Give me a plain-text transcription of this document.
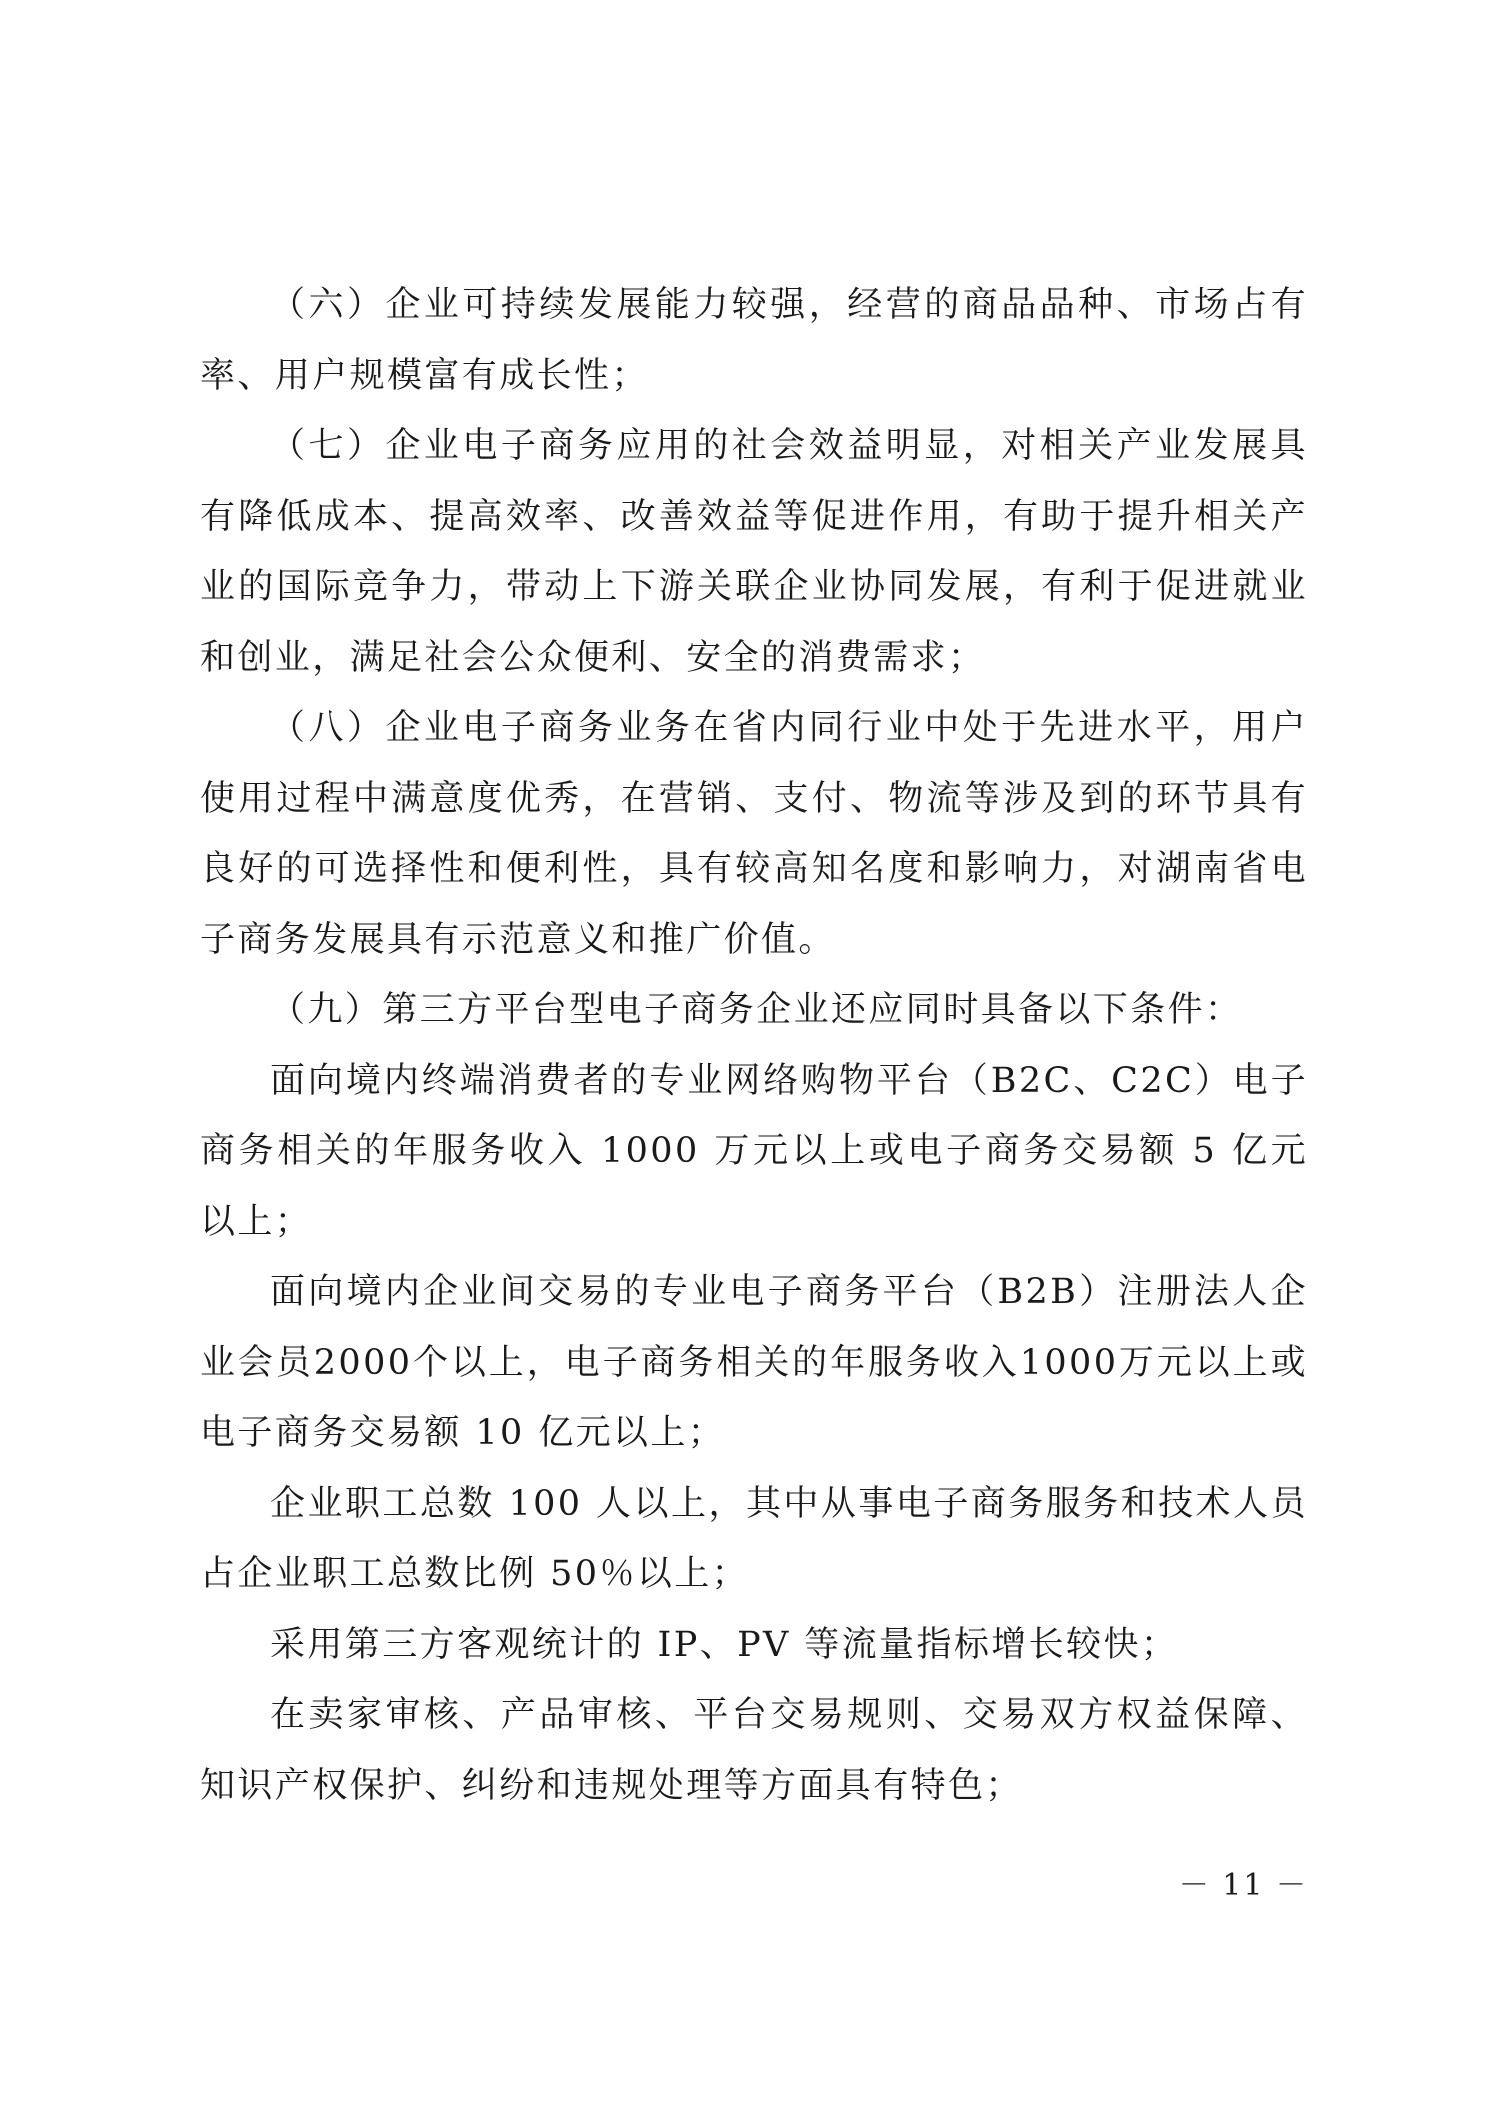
（六）企业可持续发展能力较强，经营的商品品种、市场占有率、用户规模富有成长性；

（七）企业电子商务应用的社会效益明显，对相关产业发展具有降低成本、提高效率、改善效益等促进作用，有助于提升相关产业的国际竞争力，带动上下游关联企业协同发展，有利于促进就业和创业，满足社会公众便利、安全的消费需求；

（八）企业电子商务业务在省内同行业中处于先进水平，用户使用过程中满意度优秀，在营销、支付、物流等涉及到的环节具有良好的可选择性和便利性，具有较高知名度和影响力，对湖南省电子商务发展具有示范意义和推广价值。

（九）第三方平台型电子商务企业还应同时具备以下条件：

面向境内终端消费者的专业网络购物平台（B2C、C2C）电子商务相关的年服务收入 1000 万元以上或电子商务交易额 5 亿元以上；

面向境内企业间交易的专业电子商务平台（B2B）注册法人企业会员2000个以上，电子商务相关的年服务收入1000万元以上或电子商务交易额 10 亿元以上；

企业职工总数 100 人以上，其中从事电子商务服务和技术人员占企业职工总数比例 50％以上；

采用第三方客观统计的 IP、PV 等流量指标增长较快；

在卖家审核、产品审核、平台交易规则、交易双方权益保障、知识产权保护、纠纷和违规处理等方面具有特色；

－ 11 －
